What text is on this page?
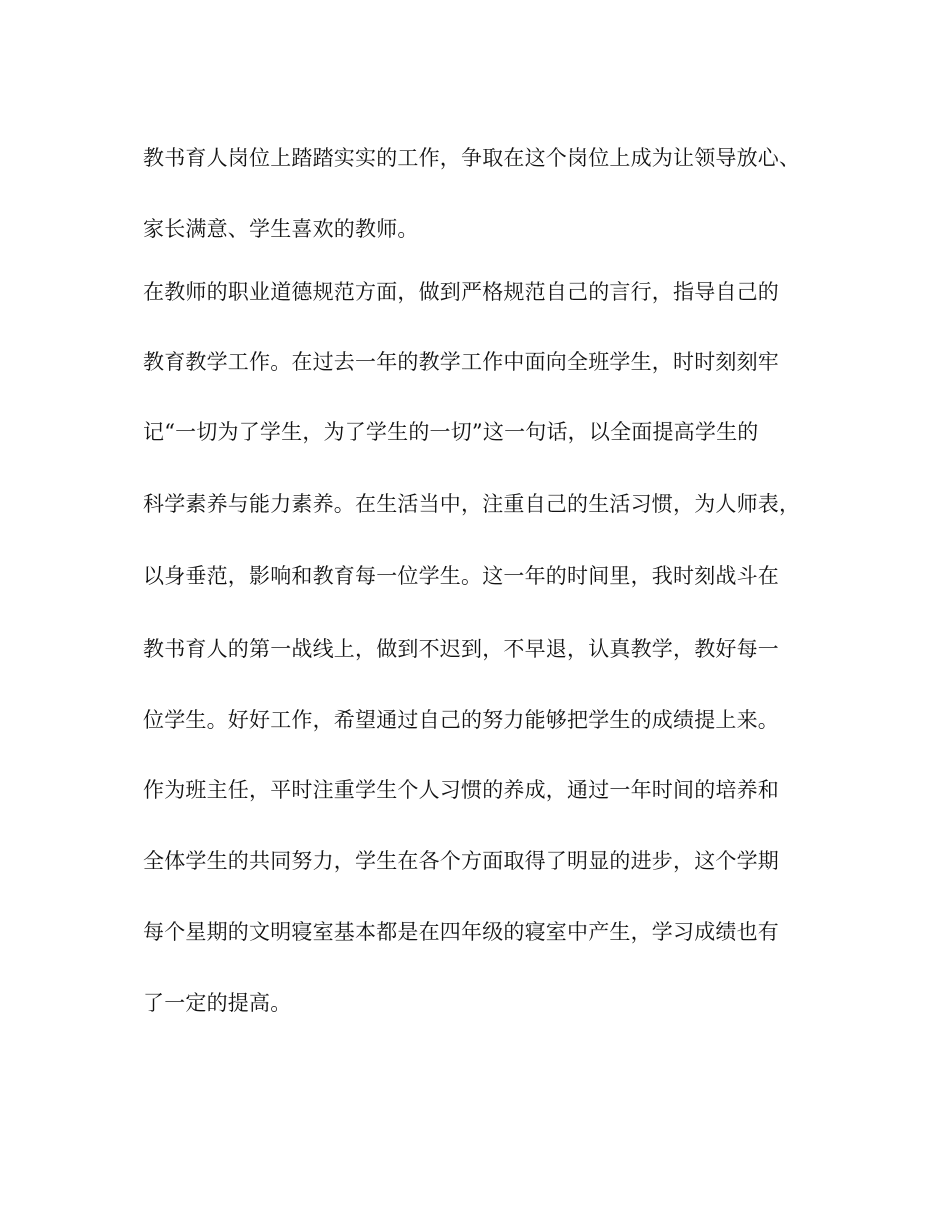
教书育人岗位上踏踏实实的工作，争取在这个岗位上成为让领导放心、
家长满意、学生喜欢的教师。
在教师的职业道德规范方面，做到严格规范自己的言行，指导自己的
教育教学工作。在过去一年的教学工作中面向全班学生，时时刻刻牢
记“一切为了学生，为了学生的一切”这一句话，以全面提高学生的
科学素养与能力素养。在生活当中，注重自己的生活习惯，为人师表，
以身垂范，影响和教育每一位学生。这一年的时间里，我时刻战斗在
教书育人的第一战线上，做到不迟到，不早退，认真教学，教好每一
位学生。好好工作，希望通过自己的努力能够把学生的成绩提上来。
作为班主任，平时注重学生个人习惯的养成，通过一年时间的培养和
全体学生的共同努力，学生在各个方面取得了明显的进步，这个学期
每个星期的文明寝室基本都是在四年级的寝室中产生，学习成绩也有
了一定的提高。
